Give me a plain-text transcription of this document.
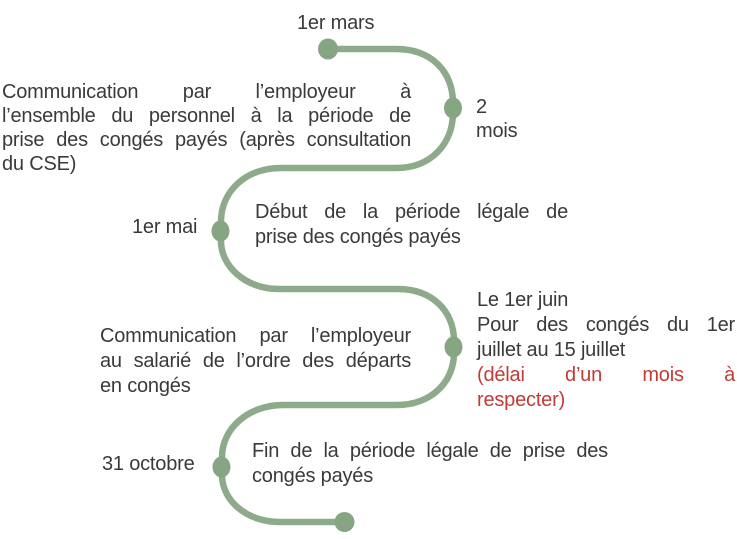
1er mars
Communication par l’employeur à
l’ensemble du personnel à la période de
prise des congés payés (après consultation
du CSE)
2
mois
1er mai
Début de la période légale de
prise des congés payés
Communication par l’employeur
au salarié de l’ordre des départs
en congés
Le 1er juin
Pour des congés du 1er
juillet au 15 juillet
(délai d’un mois à
respecter)
31 octobre
Fin de la période légale de prise des
congés payés
